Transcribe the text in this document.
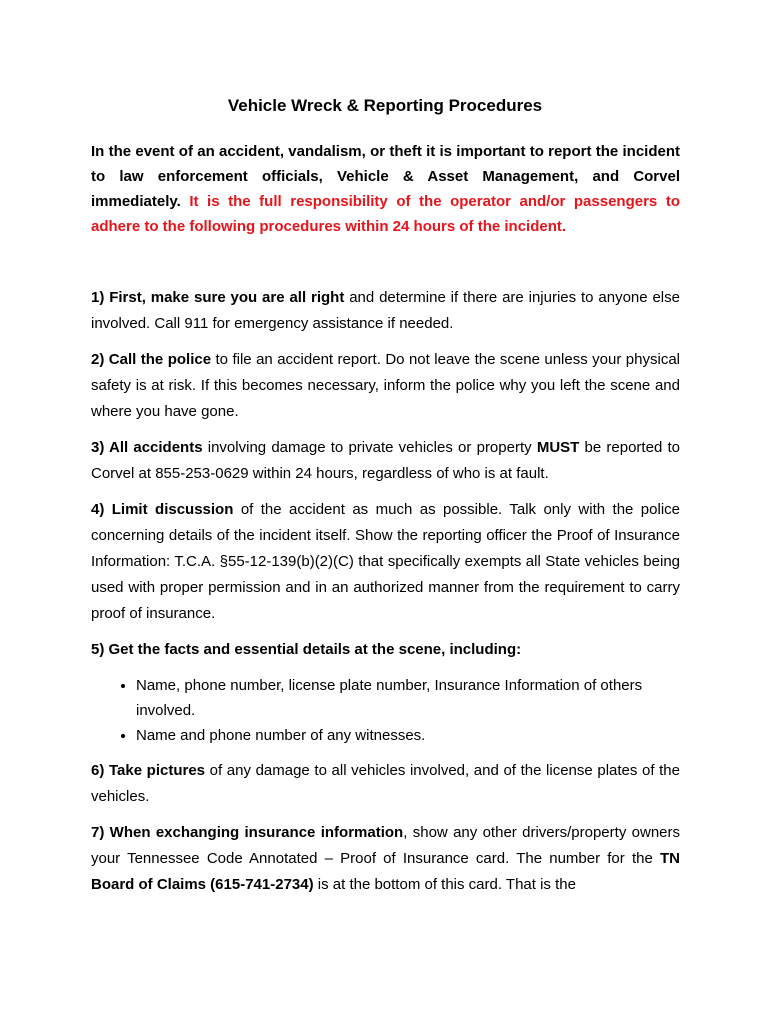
Vehicle Wreck & Reporting Procedures

In the event of an accident, vandalism, or theft it is important to report the incident to law enforcement officials, Vehicle & Asset Management, and Corvel immediately. It is the full responsibility of the operator and/or passengers to adhere to the following procedures within 24 hours of the incident.

1) First, make sure you are all right and determine if there are injuries to anyone else involved. Call 911 for emergency assistance if needed.

2) Call the police to file an accident report. Do not leave the scene unless your physical safety is at risk. If this becomes necessary, inform the police why you left the scene and where you have gone.

3) All accidents involving damage to private vehicles or property MUST be reported to Corvel at 855-253-0629 within 24 hours, regardless of who is at fault.

4) Limit discussion of the accident as much as possible. Talk only with the police concerning details of the incident itself. Show the reporting officer the Proof of Insurance Information: T.C.A. §55-12-139(b)(2)(C) that specifically exempts all State vehicles being used with proper permission and in an authorized manner from the requirement to carry proof of insurance.

5) Get the facts and essential details at the scene, including:

• Name, phone number, license plate number, Insurance Information of others involved.
• Name and phone number of any witnesses.

6) Take pictures of any damage to all vehicles involved, and of the license plates of the vehicles.

7) When exchanging insurance information, show any other drivers/property owners your Tennessee Code Annotated – Proof of Insurance card. The number for the TN Board of Claims (615-741-2734) is at the bottom of this card. That is the
